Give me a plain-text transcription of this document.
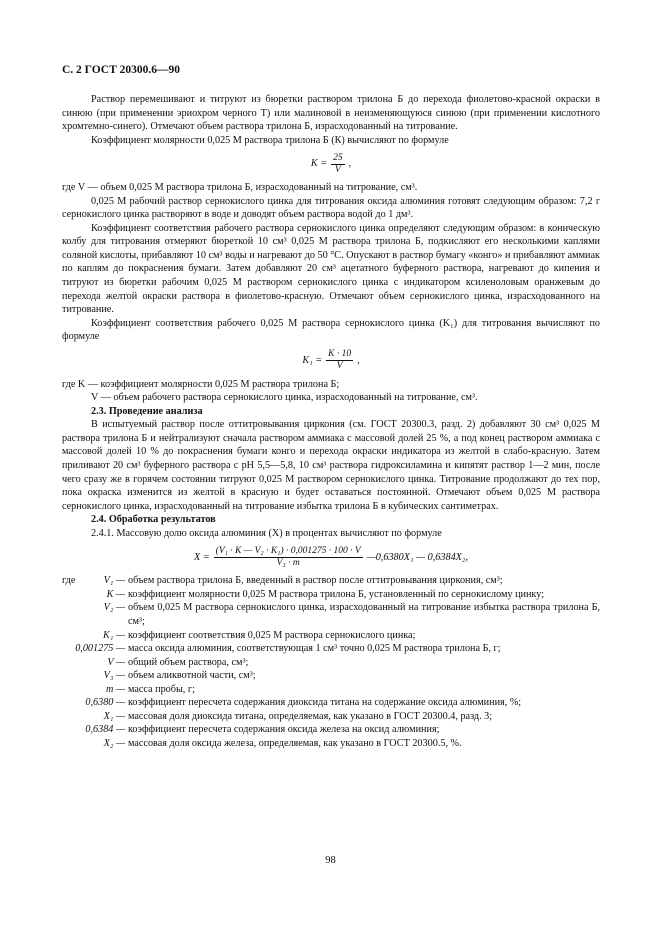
С. 2 ГОСТ 20300.6—90

Раствор перемешивают и титруют из бюретки раствором трилона Б до перехода фиолетово-красной окраски в синюю (при применении эриохром черного Т) или малиновой в неизменяющуюся синюю (при применении кислотного хромтемно-синего). Отмечают объем раствора трилона Б, израсходованный на титрование.

Коэффициент молярности 0,025 М раствора трилона Б (К) вычисляют по формуле

$K = \frac{25}{V}$ ,

где V — объем 0,025 М раствора трилона Б, израсходованный на титрование, см³.

0,025 М рабочий раствор сернокислого цинка для титрования оксида алюминия готовят следующим образом: 7,2 г сернокислого цинка растворяют в воде и доводят объем раствора водой до 1 дм³.

Коэффициент соответствия рабочего раствора сернокислого цинка определяют следующим образом: в коническую колбу для титрования отмеряют бюреткой 10 см³ 0,025 М раствора трилона Б, подкисляют его несколькими каплями соляной кислоты, прибавляют 10 см³ воды и нагревают до 50 °С. Опускают в раствор бумагу «конго» и прибавляют аммиак по каплям до покраснения бумаги. Затем добавляют 20 см³ ацетатного буферного раствора, нагревают до кипения и титруют из бюретки рабочим 0,025 М раствором сернокислого цинка с индикатором ксиленоловым оранжевым до перехода желтой окраски раствора в фиолетово-красную. Отмечают объем сернокислого цинка, израсходованного на титрование.

Коэффициент соответствия рабочего 0,025 М раствора сернокислого цинка (K₁) для титрования вычисляют по формуле

$K_1 = \frac{K \cdot 10}{V}$ ,

где K — коэффициент молярности 0,025 М раствора трилона Б;

V — объем рабочего раствора сернокислого цинка, израсходованный на титрование, см³.

2.3. Проведение анализа

В испытуемый раствор после оттитровывания циркония (см. ГОСТ 20300.3, разд. 2) добавляют 30 см³ 0,025 М раствора трилона Б и нейтрализуют сначала раствором аммиака с массовой долей 25 %, а под конец раствором аммиака с массовой долей 10 % до покраснения бумаги конго и перехода окраски индикатора из желтой в слабо-красную. Затем приливают 20 см³ буферного раствора с pH 5,5—5,8, 10 см³ раствора гидроксиламина и кипятят раствор 1—2 мин, после чего сразу же в горячем состоянии титруют 0,025 М раствором сернокислого цинка. Титрование продолжают до тех пор, пока окраска изменится из желтой в красную и будет оставаться постоянной. Отмечают объем 0,025 М раствора сернокислого цинка, израсходованный на титрование избытка трилона Б в кубических сантиметрах.

2.4. Обработка результатов

2.4.1. Массовую долю оксида алюминия (X) в процентах вычисляют по формуле

$X = \frac{\text{(V₁ · K — V₂ · K₁) · 0,001275 · 100 · V}}{\text{V₃ · m}}$ —0,6380X₁ — 0,6384X₂,
где	V₁ — объем раствора трилона Б, введенный в раствор после оттитровывания циркония, см³;
K — коэффициент молярности 0,025 М раствора трилона Б, установленный по сернокислому цинку;
V₂ — объем 0,025 М раствора сернокислого цинка, израсходованный на титрование избытка раствора трилона Б, см³;
K₁ — коэффициент соответствия 0,025 М раствора сернокислого цинка;
0,001275 — масса оксида алюминия, соответствующая 1 см³ точно 0,025 М раствора трилона Б, г;
V — общий объем раствора, см³;
V₃ — объем аликвотной части, см³;
m — масса пробы, г;
0,6380 — коэффициент пересчета содержания диоксида титана на содержание оксида алюминия, %;
X₁ — массовая доля диоксида титана, определяемая, как указано в ГОСТ 20300.4, разд. 3;
0,6384 — коэффициент пересчета содержания оксида железа на оксид алюминия;
X₂ — массовая доля оксида железа, определяемая, как указано в ГОСТ 20300.5, %.
98
